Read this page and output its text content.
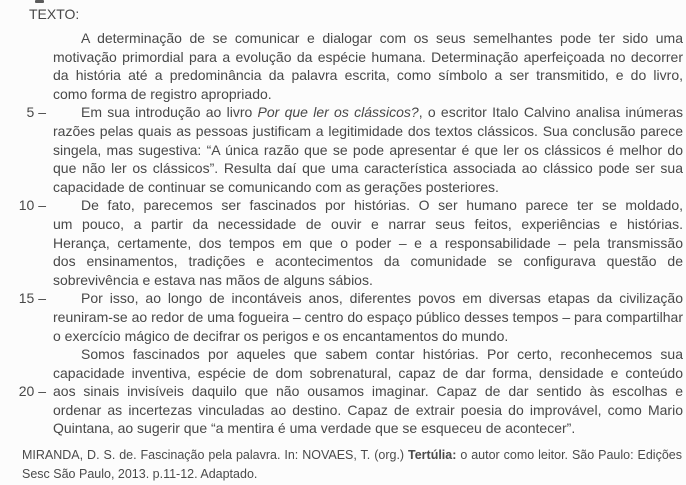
TEXTO:
5 –
10 –
15 –
20 –
A determinação de se comunicar e dialogar com os seus semelhantes pode ter sido uma
motivação primordial para a evolução da espécie humana. Determinação aperfeiçoada no decorrer
da história até a predominância da palavra escrita, como símbolo a ser transmitido, e do livro,
como forma de registro apropriado.
Em sua introdução ao livro Por que ler os clássicos?, o escritor Italo Calvino analisa inúmeras
razões pelas quais as pessoas justificam a legitimidade dos textos clássicos. Sua conclusão parece
singela, mas sugestiva: “A única razão que se pode apresentar é que ler os clássicos é melhor do
que não ler os clássicos”. Resulta daí que uma característica associada ao clássico pode ser sua
capacidade de continuar se comunicando com as gerações posteriores.
De fato, parecemos ser fascinados por histórias. O ser humano parece ter se moldado,
um pouco, a partir da necessidade de ouvir e narrar seus feitos, experiências e histórias.
Herança, certamente, dos tempos em que o poder – e a responsabilidade – pela transmissão
dos ensinamentos, tradições e acontecimentos da comunidade se configurava questão de
sobrevivência e estava nas mãos de alguns sábios.
Por isso, ao longo de incontáveis anos, diferentes povos em diversas etapas da civilização
reuniram-se ao redor de uma fogueira – centro do espaço público desses tempos – para compartilhar
o exercício mágico de decifrar os perigos e os encantamentos do mundo.
Somos fascinados por aqueles que sabem contar histórias. Por certo, reconhecemos sua
capacidade inventiva, espécie de dom sobrenatural, capaz de dar forma, densidade e conteúdo
aos sinais invisíveis daquilo que não ousamos imaginar. Capaz de dar sentido às escolhas e
ordenar as incertezas vinculadas ao destino. Capaz de extrair poesia do improvável, como Mario
Quintana, ao sugerir que “a mentira é uma verdade que se esqueceu de acontecer”.
MIRANDA, D. S. de. Fascinação pela palavra. In: NOVAES, T. (org.) Tertúlia: o autor como leitor. São Paulo: Edições
Sesc São Paulo, 2013. p.11-12. Adaptado.
